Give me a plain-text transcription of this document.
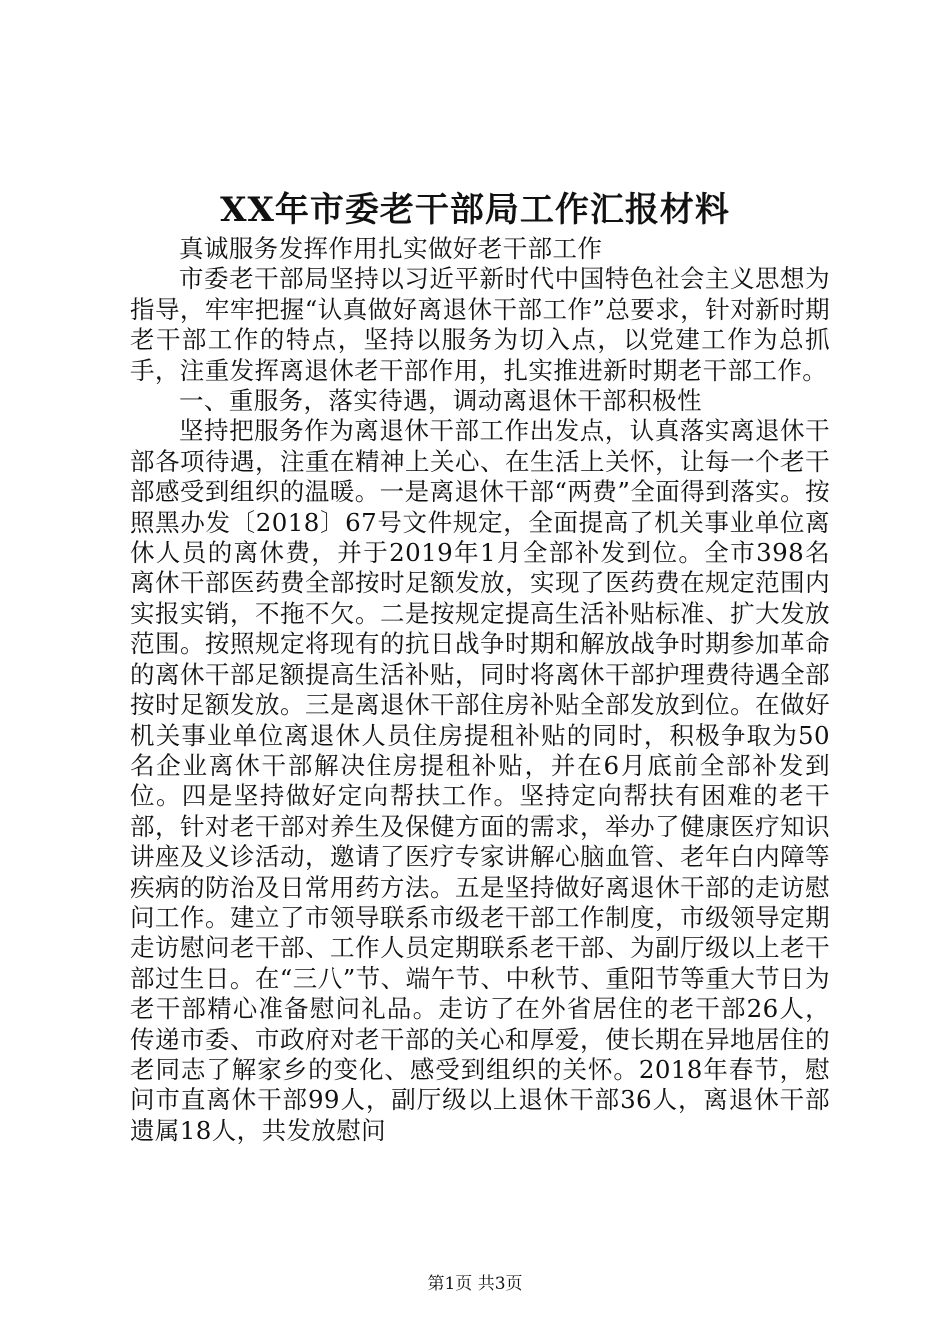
XX年市委老干部局工作汇报材料

真诚服务发挥作用扎实做好老干部工作

市委老干部局坚持以习近平新时代中国特色社会主义思想为指导，牢牢把握“认真做好离退休干部工作”总要求，针对新时期老干部工作的特点，坚持以服务为切入点，以党建工作为总抓手，注重发挥离退休老干部作用，扎实推进新时期老干部工作。

一、重服务，落实待遇，调动离退休干部积极性

坚持把服务作为离退休干部工作出发点，认真落实离退休干部各项待遇，注重在精神上关心、在生活上关怀，让每一个老干部感受到组织的温暖。一是离退休干部“两费”全面得到落实。按照黑办发〔2018〕67号文件规定，全面提高了机关事业单位离休人员的离休费，并于2019年1月全部补发到位。全市398名离休干部医药费全部按时足额发放，实现了医药费在规定范围内实报实销，不拖不欠。二是按规定提高生活补贴标准、扩大发放范围。按照规定将现有的抗日战争时期和解放战争时期参加革命的离休干部足额提高生活补贴，同时将离休干部护理费待遇全部按时足额发放。三是离退休干部住房补贴全部发放到位。在做好机关事业单位离退休人员住房提租补贴的同时，积极争取为50名企业离休干部解决住房提租补贴，并在6月底前全部补发到位。四是坚持做好定向帮扶工作。坚持定向帮扶有困难的老干部，针对老干部对养生及保健方面的需求，举办了健康医疗知识讲座及义诊活动，邀请了医疗专家讲解心脑血管、老年白内障等疾病的防治及日常用药方法。五是坚持做好离退休干部的走访慰问工作。建立了市领导联系市级老干部工作制度，市级领导定期走访慰问老干部、工作人员定期联系老干部、为副厅级以上老干部过生日。在“三八”节、端午节、中秋节、重阳节等重大节日为老干部精心准备慰问礼品。走访了在外省居住的老干部26人，传递市委、市政府对老干部的关心和厚爱，使长期在异地居住的老同志了解家乡的变化、感受到组织的关怀。2018年春节，慰问市直离休干部99人，副厅级以上退休干部36人，离退休干部遗属18人，共发放慰问

第1页 共3页
